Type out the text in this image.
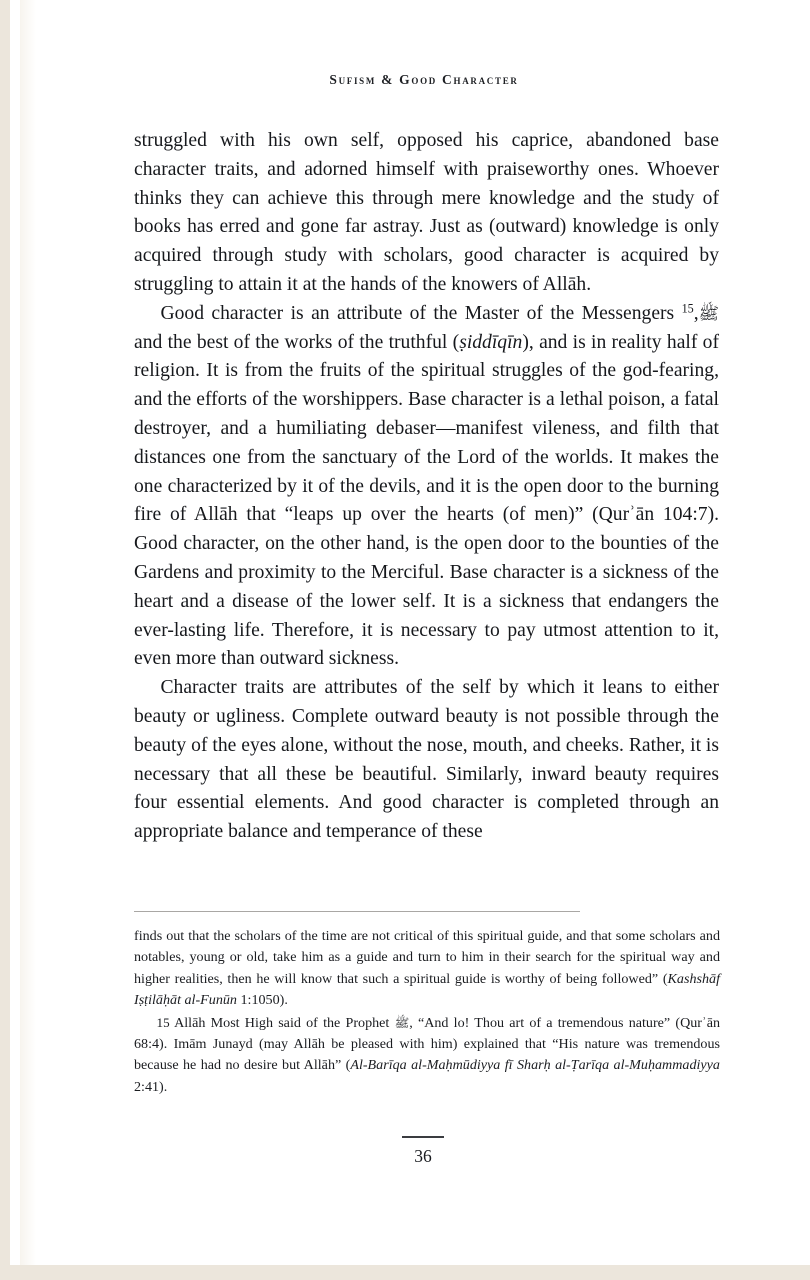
Sufism & Good Character

struggled with his own self, opposed his caprice, abandoned base character traits, and adorned himself with praiseworthy ones. Whoever thinks they can achieve this through mere knowledge and the study of books has erred and gone far astray. Just as (outward) knowledge is only acquired through study with scholars, good character is acquired by struggling to attain it at the hands of the knowers of Allāh.

Good character is an attribute of the Master of the Messengers ﷺ,$^{15}$ and the best of the works of the truthful (ṣiddīqīn), and is in reality half of religion. It is from the fruits of the spiritual struggles of the god-fearing, and the efforts of the worshippers. Base character is a lethal poison, a fatal destroyer, and a humiliating debaser—manifest vileness, and filth that distances one from the sanctuary of the Lord of the worlds. It makes the one characterized by it of the devils, and it is the open door to the burning fire of Allāh that “leaps up over the hearts (of men)” (Qurʾān 104:7). Good character, on the other hand, is the open door to the bounties of the Gardens and proximity to the Merciful. Base character is a sickness of the heart and a disease of the lower self. It is a sickness that endangers the ever-lasting life. Therefore, it is necessary to pay utmost attention to it, even more than outward sickness.

Character traits are attributes of the self by which it leans to either beauty or ugliness. Complete outward beauty is not possible through the beauty of the eyes alone, without the nose, mouth, and cheeks. Rather, it is necessary that all these be beautiful. Similarly, inward beauty requires four essential elements. And good character is completed through an appropriate balance and temperance of these

finds out that the scholars of the time are not critical of this spiritual guide, and that some scholars and notables, young or old, take him as a guide and turn to him in their search for the spiritual way and higher realities, then he will know that such a spiritual guide is worthy of being followed” (Kashshāf Iṣṭilāḥāt al-Funūn 1:1050).

15 Allāh Most High said of the Prophet ﷺ, “And lo! Thou art of a tremendous nature” (Qurʾān 68:4). Imām Junayd (may Allāh be pleased with him) explained that “His nature was tremendous because he had no desire but Allāh” (Al-Barīqa al-Maḥmūdiyya fī Sharḥ al-Ṭarīqa al-Muḥammadiyya 2:41).

36
